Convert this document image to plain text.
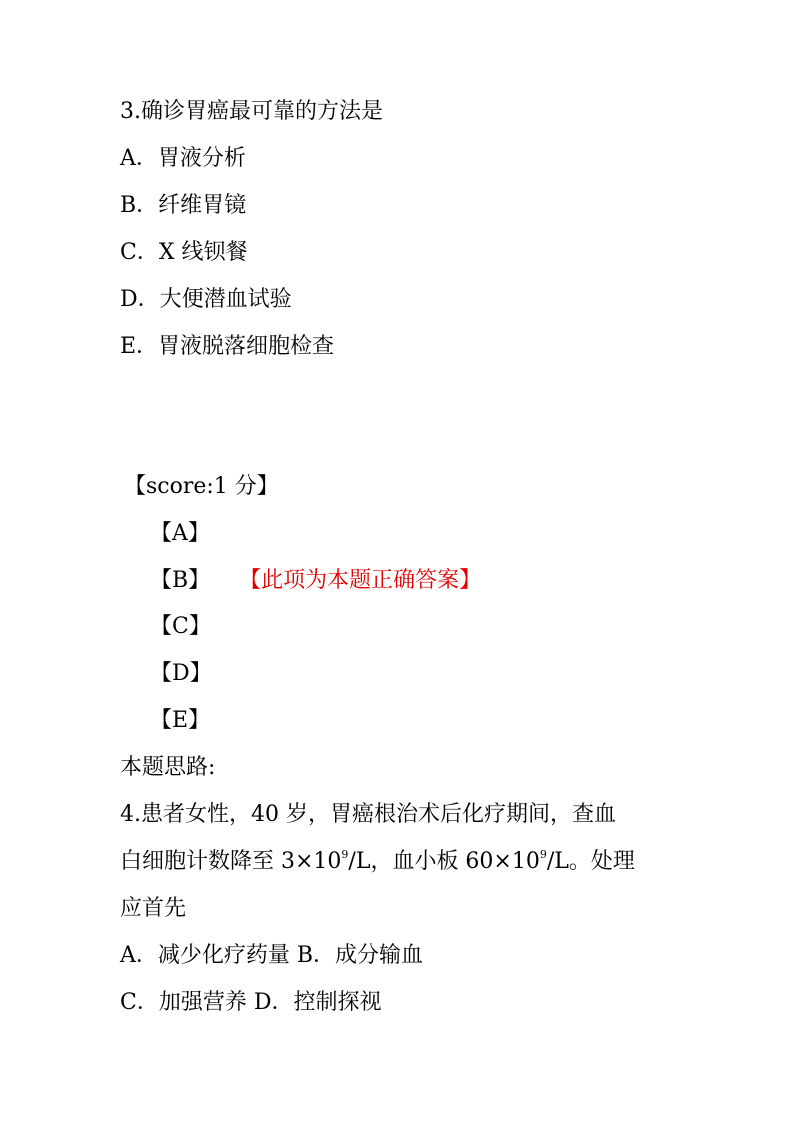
3.确诊胃癌最可靠的方法是
A．胃液分析
B．纤维胃镜
C．X 线钡餐
D．大便潜血试验
E．胃液脱落细胞检查
【score:1 分】
【A】
【B】 【此项为本题正确答案】
【C】
【D】
【E】
本题思路:
4.患者女性，40 岁，胃癌根治术后化疗期间，查血
白细胞计数降至 $3\times 10^9/L$，血小板 $60\times 10^9/L$。处理
应首先
A．减少化疗药量 B．成分输血
C．加强营养 D．控制探视
